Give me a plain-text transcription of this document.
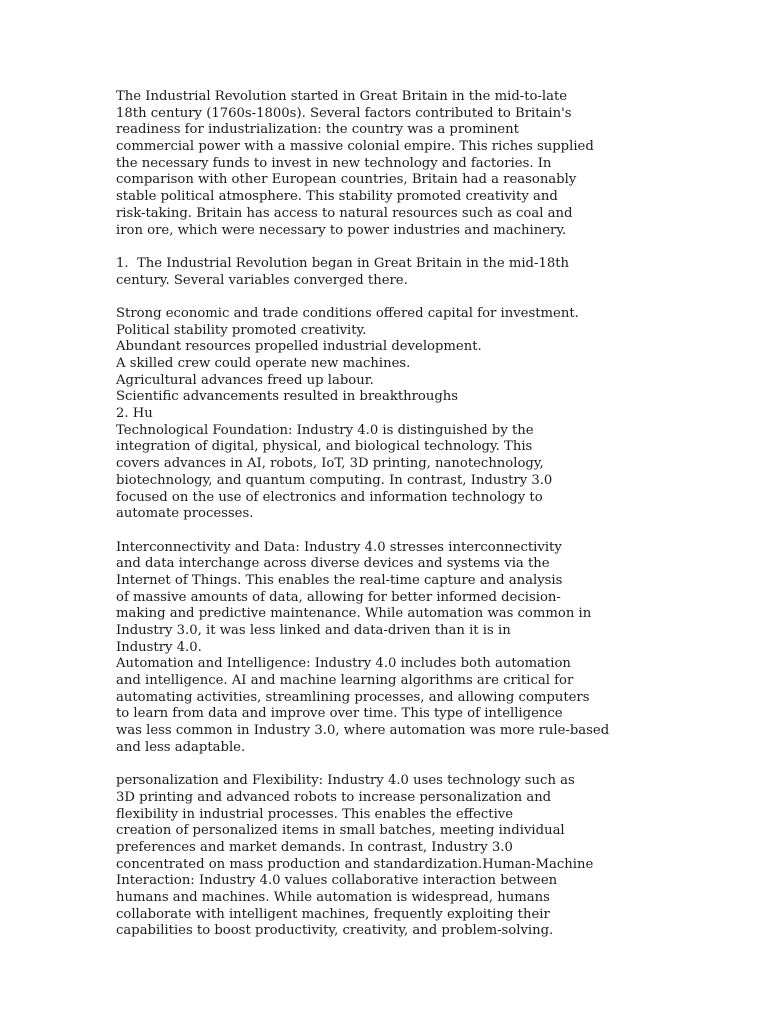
The Industrial Revolution started in Great Britain in the mid-to-late
18th century (1760s-1800s). Several factors contributed to Britain's
readiness for industrialization: the country was a prominent
commercial power with a massive colonial empire. This riches supplied
the necessary funds to invest in new technology and factories. In
comparison with other European countries, Britain had a reasonably
stable political atmosphere. This stability promoted creativity and
risk-taking. Britain has access to natural resources such as coal and
iron ore, which were necessary to power industries and machinery.
1.  The Industrial Revolution began in Great Britain in the mid-18th
century. Several variables converged there.
Strong economic and trade conditions offered capital for investment.
Political stability promoted creativity.
Abundant resources propelled industrial development.
A skilled crew could operate new machines.
Agricultural advances freed up labour.
Scientific advancements resulted in breakthroughs
2. Hu
Technological Foundation: Industry 4.0 is distinguished by the
integration of digital, physical, and biological technology. This
covers advances in AI, robots, IoT, 3D printing, nanotechnology,
biotechnology, and quantum computing. In contrast, Industry 3.0
focused on the use of electronics and information technology to
automate processes.
Interconnectivity and Data: Industry 4.0 stresses interconnectivity
and data interchange across diverse devices and systems via the
Internet of Things. This enables the real-time capture and analysis
of massive amounts of data, allowing for better informed decision-
making and predictive maintenance. While automation was common in
Industry 3.0, it was less linked and data-driven than it is in
Industry 4.0.
Automation and Intelligence: Industry 4.0 includes both automation
and intelligence. AI and machine learning algorithms are critical for
automating activities, streamlining processes, and allowing computers
to learn from data and improve over time. This type of intelligence
was less common in Industry 3.0, where automation was more rule-based
and less adaptable.
personalization and Flexibility: Industry 4.0 uses technology such as
3D printing and advanced robots to increase personalization and
flexibility in industrial processes. This enables the effective
creation of personalized items in small batches, meeting individual
preferences and market demands. In contrast, Industry 3.0
concentrated on mass production and standardization.Human-Machine
Interaction: Industry 4.0 values collaborative interaction between
humans and machines. While automation is widespread, humans
collaborate with intelligent machines, frequently exploiting their
capabilities to boost productivity, creativity, and problem-solving.
